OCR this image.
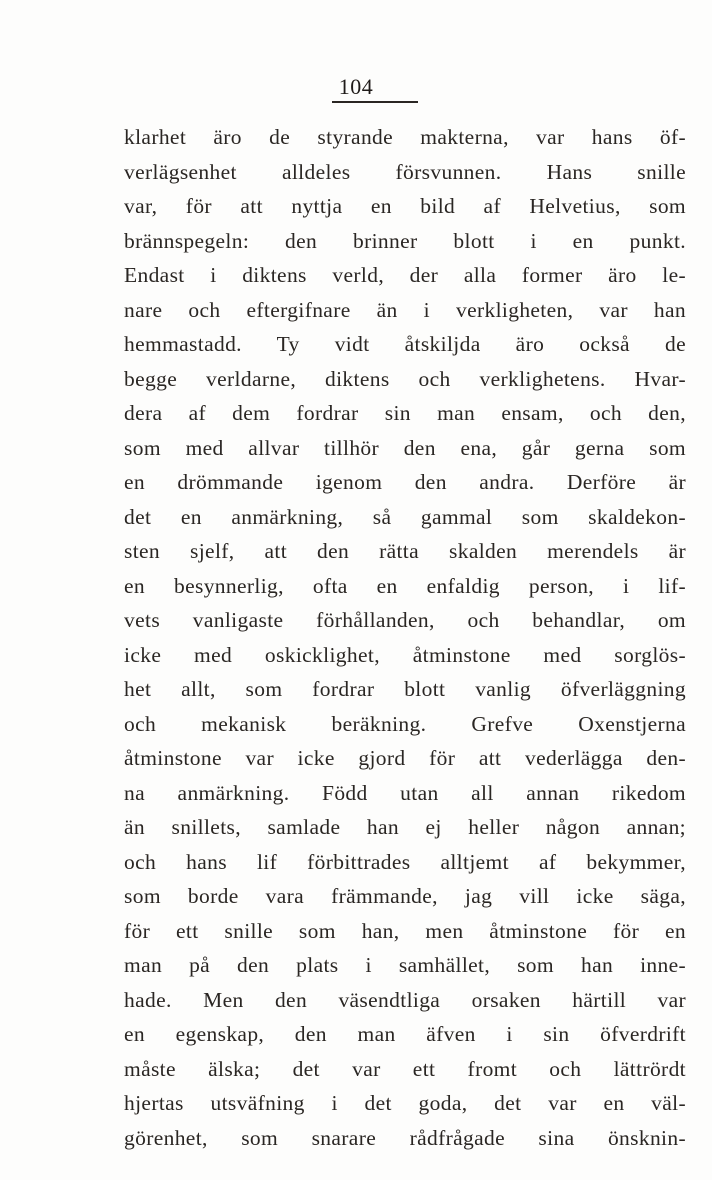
104
klarhet äro de styrande makterna, var hans öf-
verlägsenhet alldeles försvunnen. Hans snille
var, för att nyttja en bild af Helvetius, som
brännspegeln: den brinner blott i en punkt.
Endast i diktens verld, der alla former äro le-
nare och eftergifnare än i verkligheten, var han
hemmastadd. Ty vidt åtskiljda äro också de
begge verldarne, diktens och verklighetens. Hvar-
dera af dem fordrar sin man ensam, och den,
som med allvar tillhör den ena, går gerna som
en drömmande igenom den andra. Derföre är
det en anmärkning, så gammal som skaldekon-
sten sjelf, att den rätta skalden merendels är
en besynnerlig, ofta en enfaldig person, i lif-
vets vanligaste förhållanden, och behandlar, om
icke med oskicklighet, åtminstone med sorglös-
het allt, som fordrar blott vanlig öfverläggning
och mekanisk beräkning. Grefve Oxenstjerna
åtminstone var icke gjord för att vederlägga den-
na anmärkning. Född utan all annan rikedom
än snillets, samlade han ej heller någon annan;
och hans lif förbittrades alltjemt af bekymmer,
som borde vara främmande, jag vill icke säga,
för ett snille som han, men åtminstone för en
man på den plats i samhället, som han inne-
hade. Men den väsendtliga orsaken härtill var
en egenskap, den man äfven i sin öfverdrift
måste älska; det var ett fromt och lättrördt
hjertas utsväfning i det goda, det var en väl-
görenhet, som snarare rådfrågade sina önsknin-
